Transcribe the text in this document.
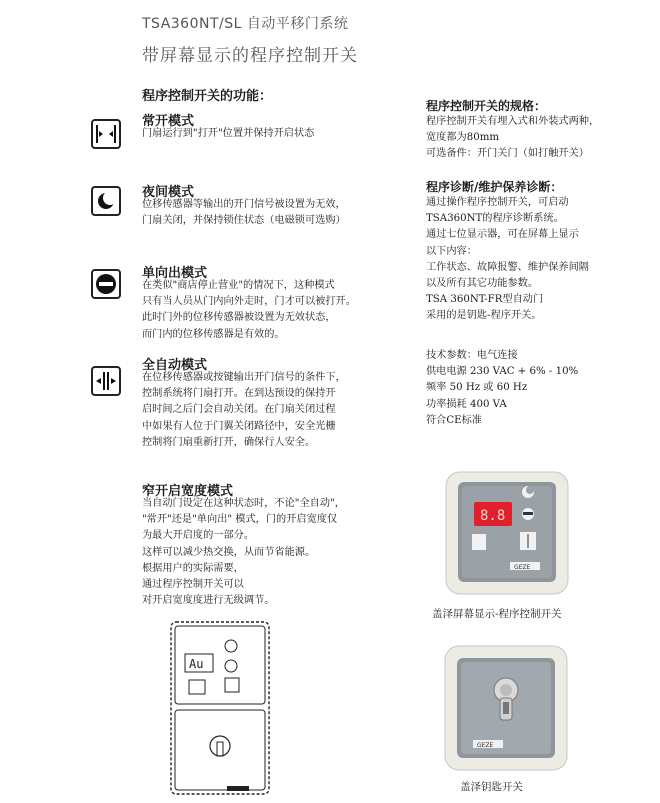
TSA360NT/SL 自动平移门系统
带屏幕显示的程序控制开关
程序控制开关的功能：
常开模式
门扇运行到"打开"位置并保持开启状态
夜间模式
位移传感器等输出的开门信号被设置为无效，
门扇关闭，并保持锁住状态（电磁锁可选购）
单向出模式
在类似"商店停止营业"的情况下，这种模式
只有当人员从门内向外走时，门才可以被打开。
此时门外的位移传感器被设置为无效状态，
而门内的位移传感器是有效的。
全自动模式
在位移传感器或按键输出开门信号的条件下，
控制系统将门扇打开。在到达预设的保持开
启时间之后门会自动关闭。在门扇关闭过程
中如果有人位于门翼关闭路径中，安全光栅
控制将门扇重新打开，确保行人安全。
窄开启宽度模式
当自动门设定在这种状态时，不论"全自动"，
"常开"还是"单向出" 模式，门的开启宽度仅
为最大开启度的一部分。
这样可以减少热交换，从而节省能源。
根据用户的实际需要，
通过程序控制开关可以
对开启宽度度进行无级调节。
Au
程序控制开关的规格：
程序控制开关有埋入式和外装式两种，
宽度都为80mm
可选备件：开门关门（如打触开关）
程序诊断/维护保养诊断：
通过操作程序控制开关，可启动
TSA360NT的程序诊断系统。
通过七位显示器，可在屏幕上显示
以下内容：
工作状态、故障报警、维护保养间隔
以及所有其它功能参数。
TSA 360NT-FR型自动门
采用的是钥匙-程序开关。
技术参数：电气连接
供电电源 230 VAC + 6% - 10%
频率 50 Hz 或 60 Hz
功率损耗 400 VA
符合CE标准
8.8
GEZE
盖泽屏幕显示-程序控制开关
GEZE
盖泽钥匙开关
